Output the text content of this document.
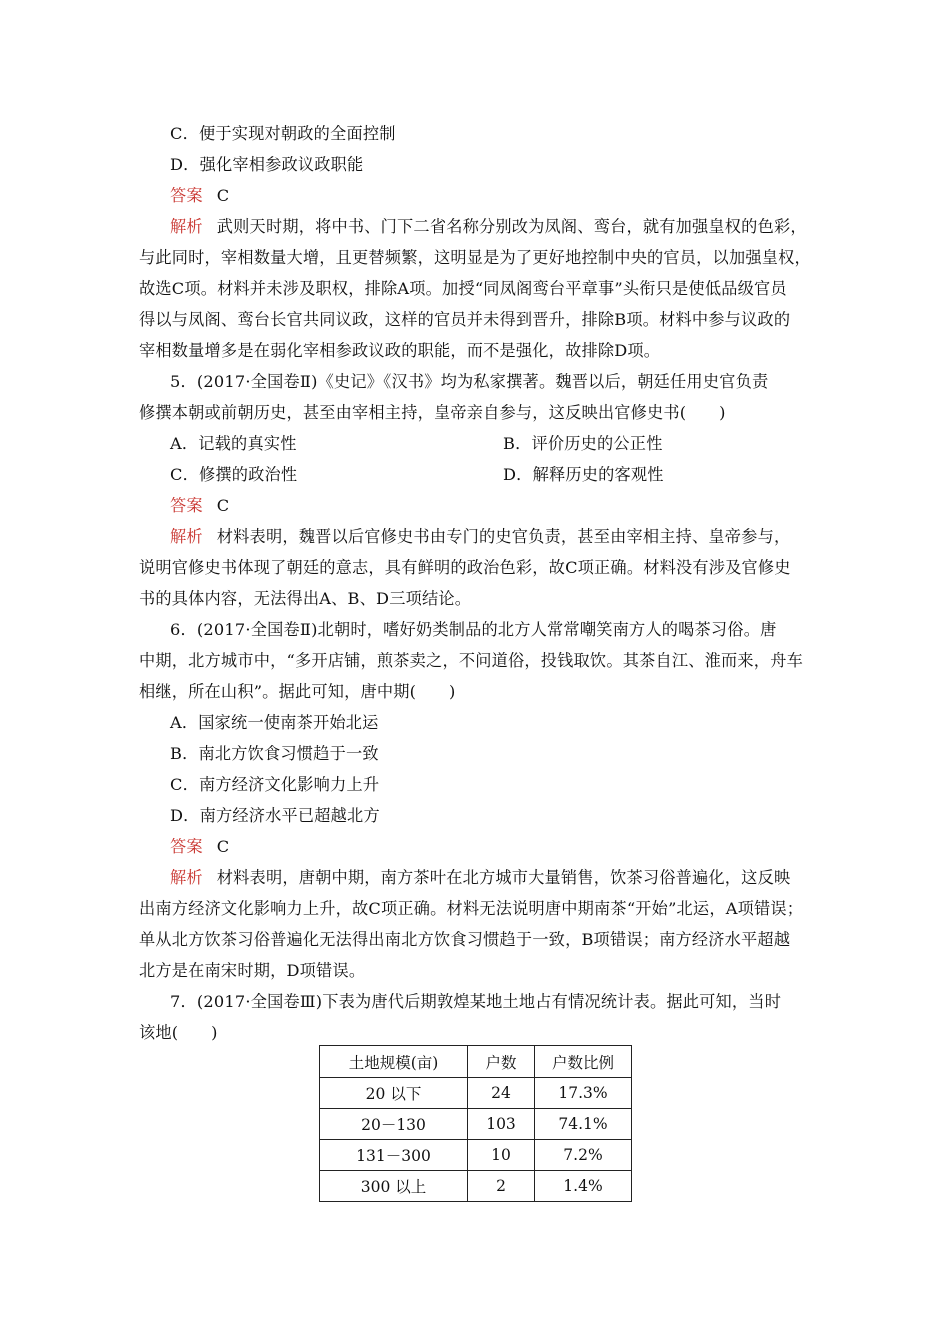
C．便于实现对朝政的全面控制
D．强化宰相参政议政职能
答案 C
解析 武则天时期，将中书、门下二省名称分别改为凤阁、鸾台，就有加强皇权的色彩，
与此同时，宰相数量大增，且更替频繁，这明显是为了更好地控制中央的官员，以加强皇权，
故选C项。材料并未涉及职权，排除A项。加授“同凤阁鸾台平章事”头衔只是使低品级官员
得以与凤阁、鸾台长官共同议政，这样的官员并未得到晋升，排除B项。材料中参与议政的
宰相数量增多是在弱化宰相参政议政的职能，而不是强化，故排除D项。
5．(2017·全国卷Ⅱ)《史记》《汉书》均为私家撰著。魏晋以后，朝廷任用史官负责
修撰本朝或前朝历史，甚至由宰相主持，皇帝亲自参与，这反映出官修史书(　　)
A．记载的真实性	B．评价历史的公正性
C．修撰的政治性	D．解释历史的客观性
答案 C
解析 材料表明，魏晋以后官修史书由专门的史官负责，甚至由宰相主持、皇帝参与，
说明官修史书体现了朝廷的意志，具有鲜明的政治色彩，故C项正确。材料没有涉及官修史
书的具体内容，无法得出A、B、D三项结论。
6．(2017·全国卷Ⅱ)北朝时，嗜好奶类制品的北方人常常嘲笑南方人的喝茶习俗。唐
中期，北方城市中，“多开店铺，煎茶卖之，不问道俗，投钱取饮。其茶自江、淮而来，舟车
相继，所在山积”。据此可知，唐中期(　　)
A．国家统一使南茶开始北运
B．南北方饮食习惯趋于一致
C．南方经济文化影响力上升
D．南方经济水平已超越北方
答案 C
解析 材料表明，唐朝中期，南方茶叶在北方城市大量销售，饮茶习俗普遍化，这反映
出南方经济文化影响力上升，故C项正确。材料无法说明唐中期南茶“开始”北运，A项错误；
单从北方饮茶习俗普遍化无法得出南北方饮食习惯趋于一致，B项错误；南方经济水平超越
北方是在南宋时期，D项错误。
7．(2017·全国卷Ⅲ)下表为唐代后期敦煌某地土地占有情况统计表。据此可知，当时
该地(　　)
土地规模(亩)	户数	户数比例
20 以下	24	17.3%
20－130	103	74.1%
131－300	10	7.2%
300 以上	2	1.4%
